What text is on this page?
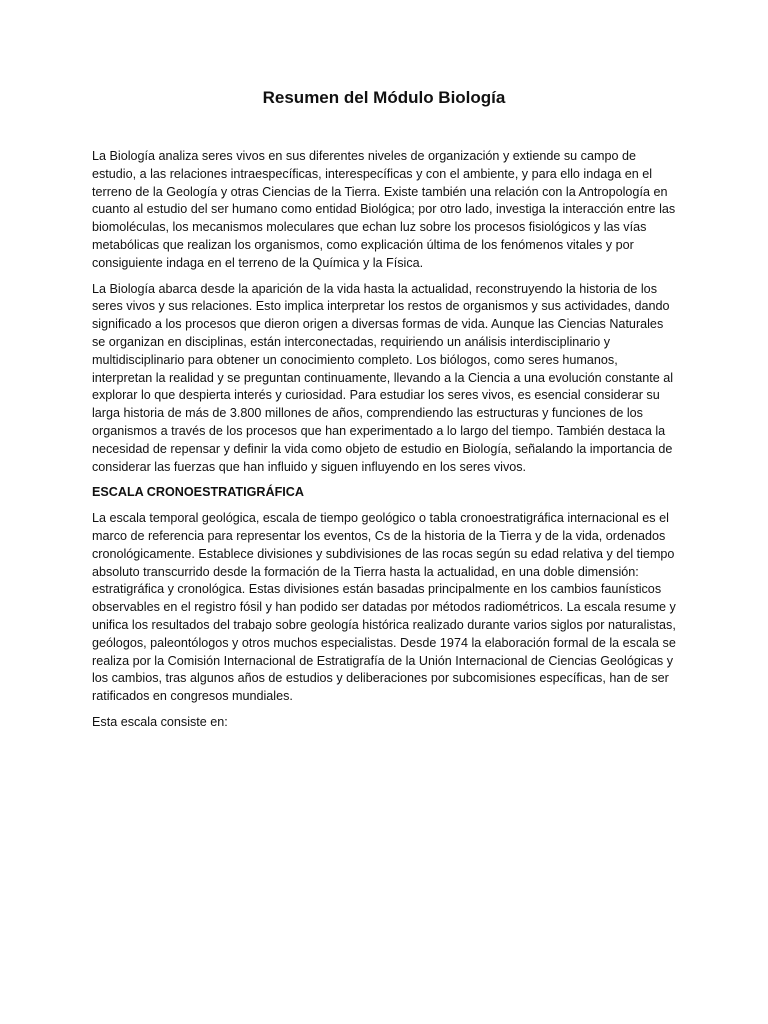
Resumen del Módulo Biología

La Biología analiza seres vivos en sus diferentes niveles de organización y extiende su campo de estudio, a las relaciones intraespecíficas, interespecíficas y con el ambiente, y para ello indaga en el terreno de la Geología y otras Ciencias de la Tierra. Existe también una relación con la Antropología en cuanto al estudio del ser humano como entidad Biológica; por otro lado, investiga la interacción entre las biomoléculas, los mecanismos moleculares que echan luz sobre los procesos fisiológicos y las vías metabólicas que realizan los organismos, como explicación última de los fenómenos vitales y por consiguiente indaga en el terreno de la Química y la Física.

La Biología abarca desde la aparición de la vida hasta la actualidad, reconstruyendo la historia de los seres vivos y sus relaciones. Esto implica interpretar los restos de organismos y sus actividades, dando significado a los procesos que dieron origen a diversas formas de vida. Aunque las Ciencias Naturales se organizan en disciplinas, están interconectadas, requiriendo un análisis interdisciplinario y multidisciplinario para obtener un conocimiento completo. Los biólogos, como seres humanos, interpretan la realidad y se preguntan continuamente, llevando a la Ciencia a una evolución constante al explorar lo que despierta interés y curiosidad. Para estudiar los seres vivos, es esencial considerar su larga historia de más de 3.800 millones de años, comprendiendo las estructuras y funciones de los organismos a través de los procesos que han experimentado a lo largo del tiempo. También destaca la necesidad de repensar y definir la vida como objeto de estudio en Biología, señalando la importancia de considerar las fuerzas que han influido y siguen influyendo en los seres vivos.

ESCALA CRONOESTRATIGRÁFICA

La escala temporal geológica, escala de tiempo geológico o tabla cronoestratigráfica internacional es el marco de referencia para representar los eventos, Cs de la historia de la Tierra y de la vida, ordenados cronológicamente. Establece divisiones y subdivisiones de las rocas según su edad relativa y del tiempo absoluto transcurrido desde la formación de la Tierra hasta la actualidad, en una doble dimensión: estratigráfica y cronológica. Estas divisiones están basadas principalmente en los cambios faunísticos observables en el registro fósil y han podido ser datadas por métodos radiométricos. La escala resume y unifica los resultados del trabajo sobre geología histórica realizado durante varios siglos por naturalistas, geólogos, paleontólogos y otros muchos especialistas. Desde 1974 la elaboración formal de la escala se realiza por la Comisión Internacional de Estratigrafía de la Unión Internacional de Ciencias Geológicas y los cambios, tras algunos años de estudios y deliberaciones por subcomisiones específicas, han de ser ratificados en congresos mundiales.

Esta escala consiste en:
